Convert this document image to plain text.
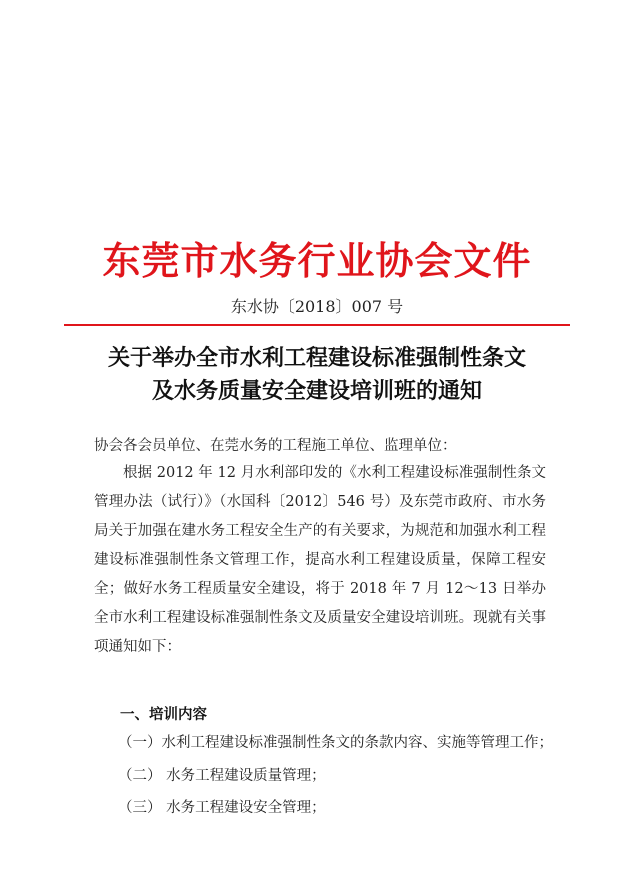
东莞市水务行业协会文件
东水协〔2018〕007 号
关于举办全市水利工程建设标准强制性条文
及水务质量安全建设培训班的通知
协会各会员单位、在莞水务的工程施工单位、监理单位：
根据 2012 年 12 月水利部印发的《水利工程建设标准强制性条文管理办法（试行）》（水国科〔2012〕546 号）及东莞市政府、市水务局关于加强在建水务工程安全生产的有关要求，为规范和加强水利工程建设标准强制性条文管理工作，提高水利工程建设质量，保障工程安全；做好水务工程质量安全建设，将于 2018 年 7 月 12～13 日举办全市水利工程建设标准强制性条文及质量安全建设培训班。现就有关事项通知如下：
一、培训内容
（一）水利工程建设标准强制性条文的条款内容、实施等管理工作；
（二） 水务工程建设质量管理；
（三） 水务工程建设安全管理；
